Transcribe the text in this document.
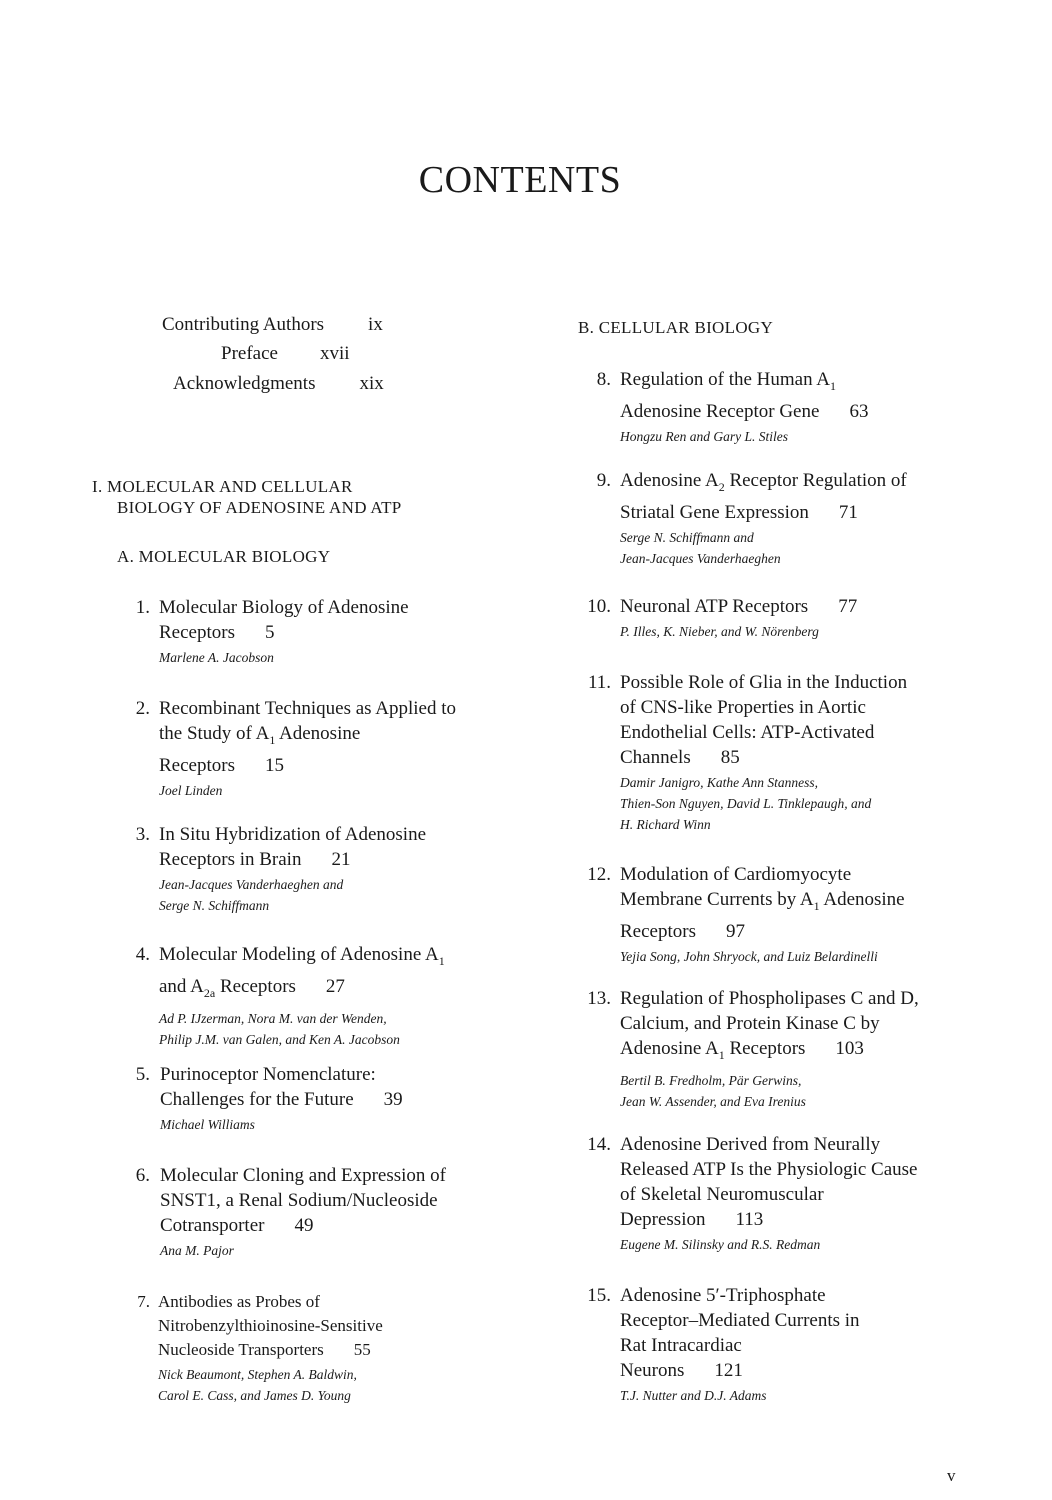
CONTENTS
Contributing Authors ix
Preface xvii
Acknowledgments xix
I. MOLECULAR AND CELLULAR
BIOLOGY OF ADENOSINE AND ATP
A. MOLECULAR BIOLOGY
B. CELLULAR BIOLOGY
1. Molecular Biology of Adenosine
Receptors 5
Marlene A. Jacobson
2. Recombinant Techniques as Applied to
the Study of $A_1$ Adenosine
Receptors 15
Joel Linden
3. In Situ Hybridization of Adenosine
Receptors in Brain 21
Jean-Jacques Vanderhaeghen and
Serge N. Schiffmann
4. Molecular Modeling of Adenosine $A_1$
and $A_{2a}$ Receptors 27
Ad P. IJzerman, Nora M. van der Wenden,
Philip J.M. van Galen, and Ken A. Jacobson
5. Purinoceptor Nomenclature:
Challenges for the Future 39
Michael Williams
6. Molecular Cloning and Expression of
SNST1, a Renal Sodium/Nucleoside
Cotransporter 49
Ana M. Pajor
7. Antibodies as Probes of
Nitrobenzylthioinosine-Sensitive
Nucleoside Transporters 55
Nick Beaumont, Stephen A. Baldwin,
Carol E. Cass, and James D. Young
8. Regulation of the Human $A_1$
Adenosine Receptor Gene 63
Hongzu Ren and Gary L. Stiles
9. Adenosine $A_2$ Receptor Regulation of
Striatal Gene Expression 71
Serge N. Schiffmann and
Jean-Jacques Vanderhaeghen
10. Neuronal ATP Receptors 77
P. Illes, K. Nieber, and W. Nörenberg
11. Possible Role of Glia in the Induction
of CNS-like Properties in Aortic
Endothelial Cells: ATP-Activated
Channels 85
Damir Janigro, Kathe Ann Stanness,
Thien-Son Nguyen, David L. Tinklepaugh, and
H. Richard Winn
12. Modulation of Cardiomyocyte
Membrane Currents by $A_1$ Adenosine
Receptors 97
Yejia Song, John Shryock, and Luiz Belardinelli
13. Regulation of Phospholipases C and D,
Calcium, and Protein Kinase C by
Adenosine $A_1$ Receptors 103
Bertil B. Fredholm, Pär Gerwins,
Jean W. Assender, and Eva Irenius
14. Adenosine Derived from Neurally
Released ATP Is the Physiologic Cause
of Skeletal Neuromuscular
Depression 113
Eugene M. Silinsky and R.S. Redman
15. Adenosine 5′-Triphosphate
Receptor–Mediated Currents in
Rat Intracardiac
Neurons 121
T.J. Nutter and D.J. Adams
v
